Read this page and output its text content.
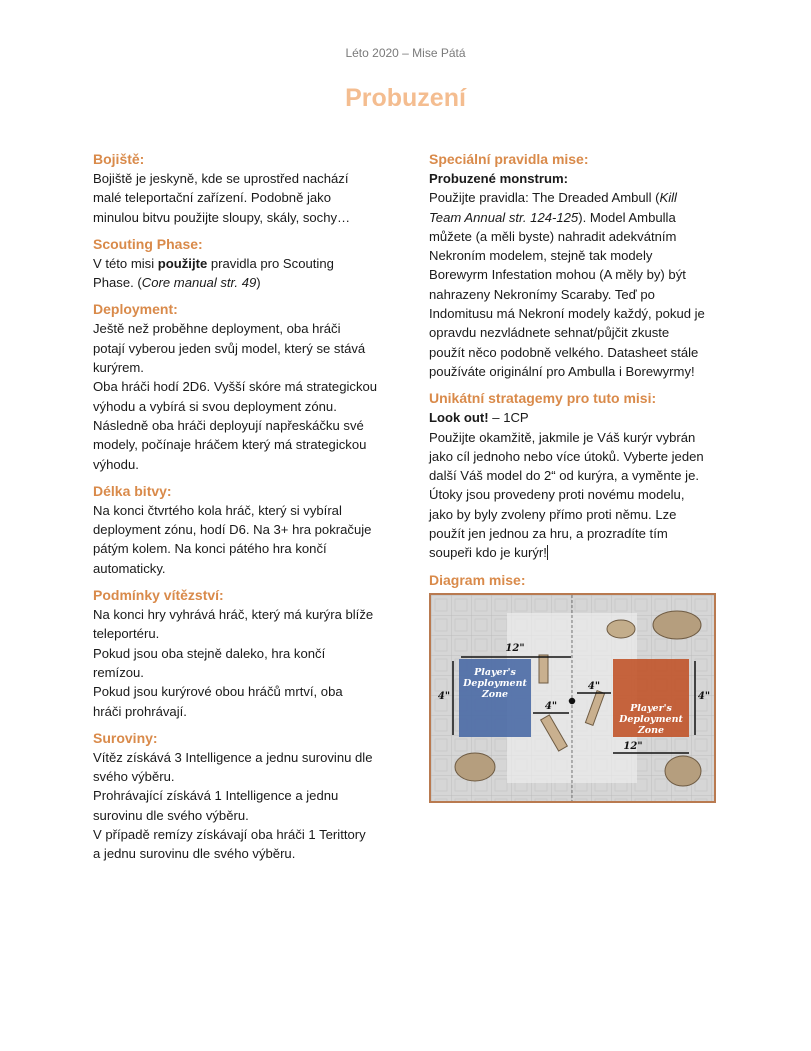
Léto 2020 – Mise Pátá
Probuzení
Bojiště:

Bojiště je jeskyně, kde se uprostřed nachází

malé teleportační zařízení. Podobně jako

minulou bitvu použijte sloupy, skály, sochy…

Scouting Phase:

V této misi použijte pravidla pro Scouting

Phase. (Core manual str. 49)

Deployment:

Ještě než proběhne deployment, oba hráči

potají vyberou jeden svůj model, který se stává

kurýrem.

Oba hráči hodí 2D6. Vyšší skóre má strategickou

výhodu a vybírá si svou deployment zónu.

Následně oba hráči deployují napřeskáčku své

modely, počínaje hráčem který má strategickou

výhodu.

Délka bitvy:

Na konci čtvrtého kola hráč, který si vybíral

deployment zónu, hodí D6. Na 3+ hra pokračuje

pátým kolem. Na konci pátého hra končí

automaticky.

Podmínky vítězství:

Na konci hry vyhrává hráč, který má kurýra blíže

teleportéru.

Pokud jsou oba stejně daleko, hra končí

remízou.

Pokud jsou kurýrové obou hráčů mrtví, oba

hráči prohrávají.

Suroviny:

Vítěz získává 3 Intelligence a jednu surovinu dle

svého výběru.

Prohrávající získává 1 Intelligence a jednu

surovinu dle svého výběru.

V případě remízy získávají oba hráči 1 Terittory

a jednu surovinu dle svého výběru.

Speciální pravidla mise:

Probuzené monstrum:

Použijte pravidla: The Dreaded Ambull (Kill

Team Annual str. 124-125). Model Ambulla

můžete (a měli byste) nahradit adekvátním

Nekroním modelem, stejně tak modely

Borewyrm Infestation mohou (A měly by) být

nahrazeny Nekronímy Scaraby. Teď po

Indomitusu má Nekroní modely každý, pokud je

opravdu nezvládnete sehnat/půjčit zkuste

použít něco podobně velkého. Datasheet stále

používáte originální pro Ambulla i Borewyrmy!

Unikátní stratagemy pro tuto misi:

Look out! – 1CP

Použijte okamžitě, jakmile je Váš kurýr vybrán

jako cíl jednoho nebo více útoků. Vyberte jeden

další Váš model do 2“ od kurýra, a vyměnte je.

Útoky jsou provedeny proti novému modelu,

jako by byly zvoleny přímo proti němu. Lze

použít jen jednou za hru, a prozradíte tím

soupeři kdo je kurýr!

Diagram mise:
Player's
Deployment
Zone
Player's
Deployment
Zone
12"
12"
4"	4"
4"
4"
